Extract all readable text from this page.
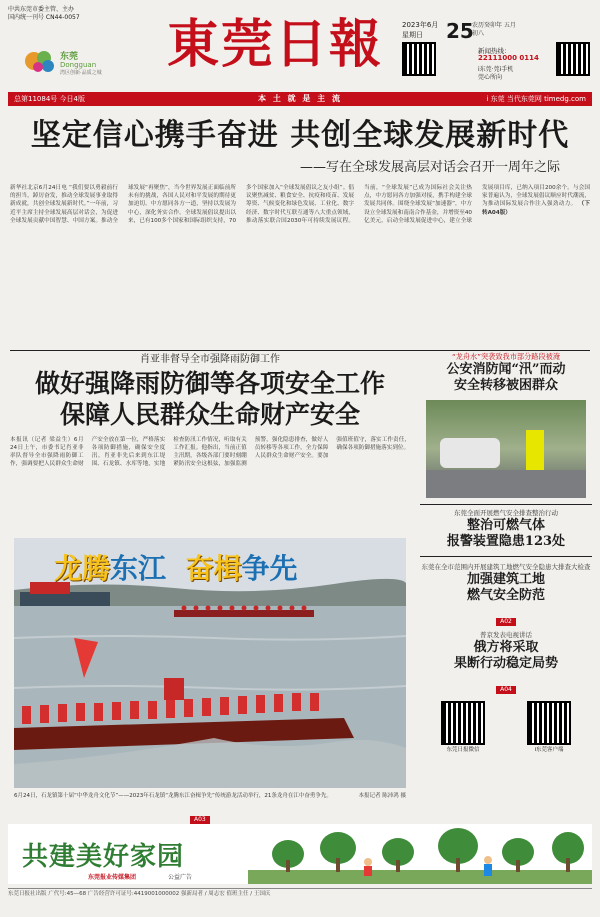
中共东莞市委主管、主办
国内统一刊号 CN44-0057
东莞
Dongguan
湾区创新·品质之城	東莞日報	2023年6月
星期日	25
农历癸卯年 五月初八
新闻热线：
22111000 0114
i东莞·莞i手机
莞心所向
总第11084号 今日4版	本 土 就 是 主 流	i 东莞 当代东莞网 timedg.com
坚定信心携手奋进 共创全球发展新时代
——写在全球发展高层对话会召开一周年之际
新华社北京6月24日电 “我们要以勇毅前行的担当，踔厉奋发，推动全球发展事业取得新成就，共创全球发展新时代。”一年前，习近平主席主持全球发展高层对话会，为促进全球发展贡献中国智慧、中国方案。推动全球发展“再聚焦”，当今世界发展正面临前所未有的挑战，各国人民对和平发展的期待更加迫切。中方愿同各方一道，坚持以发展为中心，深化务实合作。全球发展倡议提出以来，已有100多个国家和国际组织支持，70多个国家加入“全球发展倡议之友小组”。倡议聚焦减贫、粮食安全、抗疫和疫苗、发展筹资、气候变化和绿色发展、工业化、数字经济、数字时代互联互通等八大重点领域，推动落实联合国2030年可持续发展议程。当前，“全球发展”已成为国际社会关注热点，中方愿同各方加强对接，携手构建全球发展共同体。围绕全球发展“加速器”，中方设立全球发展和南南合作基金，并增资至40亿美元，启动全球发展促进中心，建立全球发展项目库，已纳入项目200余个。与会国家普遍认为，全球发展倡议顺应时代潮流，为推动国际发展合作注入强劲动力。 （下转A04版）
肖亚非督导全市强降雨防御工作
做好强降雨防御等各项安全工作
保障人民群众生命财产安全
本报讯（记者 梁益生）6月24日上午，市委书记肖亚非率队督导全市强降雨防御工作，强调要把人民群众生命财产安全放在第一位，严格落实各项防御措施，确保安全度汛。肖亚非先后来到东江堤围、石龙镇、水库等地，实地检查防汛工作情况，听取有关工作汇报。他指出，当前正值主汛期，各级各部门要时刻绷紧防汛安全这根弦，加强监测预警，强化隐患排查，做好人员转移等各项工作，全力保障人民群众生命财产安全。要加强值班值守，落实工作责任，确保各项防御措施落实到位。
龙腾东江 奋楫争先
6月24日，石龙镇第十届“中华龙舟文化节”——2023年石龙镇“龙腾东江奋楫争先”传统游龙活动举行，21条龙舟在江中奋勇争先。	本报记者 陈沛鸿 摄
A03
“龙舟水”突袭致我市部分路段被淹
公安消防闻“汛”而动
安全转移被困群众
东莞全面开展燃气安全排查整治行动
整治可燃气体
报警装置隐患123处
东莞在全市范围内开展建筑工地燃气安全隐患大排查大检查
加强建筑工地
燃气安全防范
A02
普京发表电视讲话
俄方将采取
果断行动稳定局势
A04
东莞日报微信	i东莞客户端
共建美好家园
东莞报业传媒集团	公益广告
东莞日报社出版 广代号:45—68 广告经营许可证号:4419001000002 强新局者 / 周志宏 值班主任 / 王国庆
